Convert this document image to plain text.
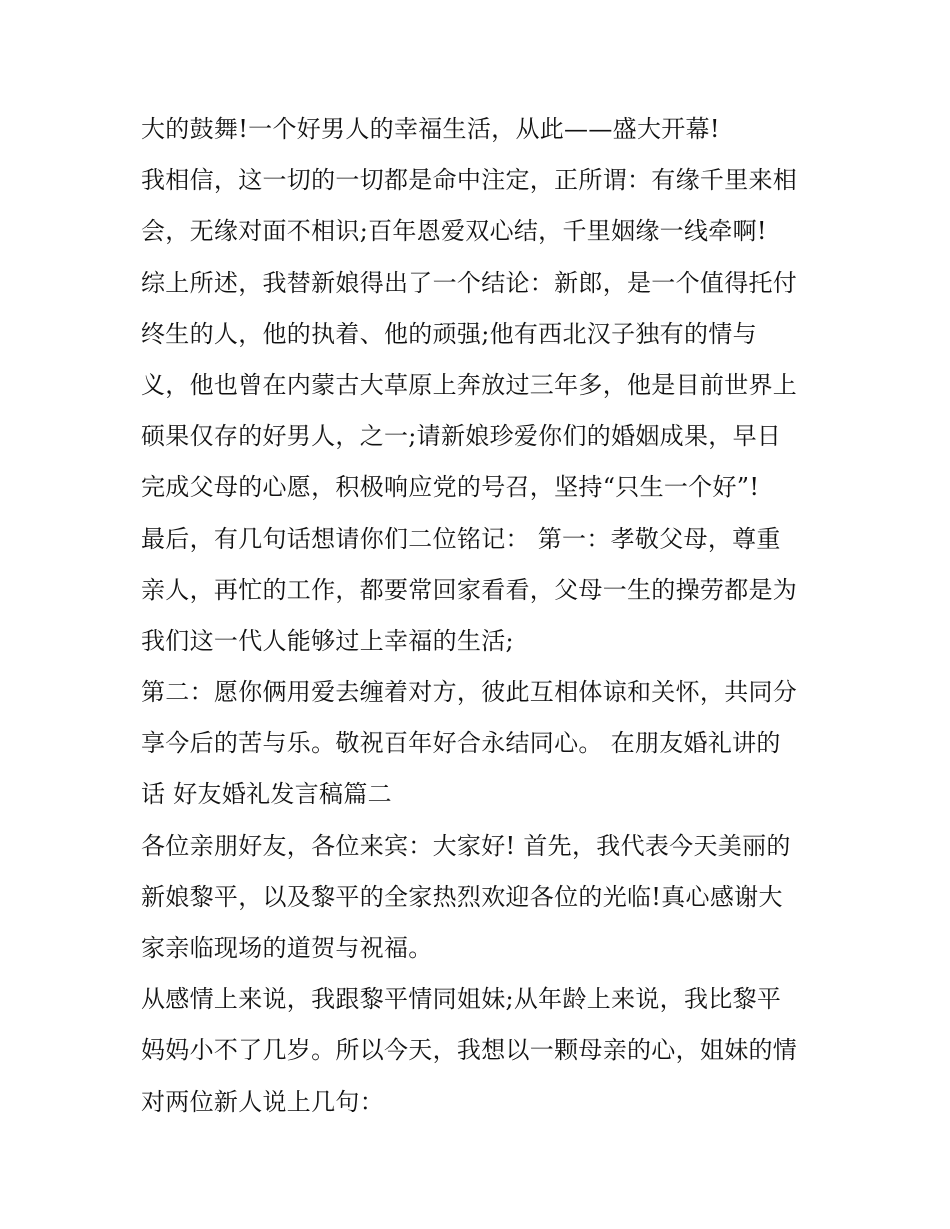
大的鼓舞!一个好男人的幸福生活，从此——盛大开幕!
我相信，这一切的一切都是命中注定，正所谓：有缘千里来相
会，无缘对面不相识;百年恩爱双心结，千里姻缘一线牵啊!
综上所述，我替新娘得出了一个结论：新郎，是一个值得托付
终生的人，他的执着、他的顽强;他有西北汉子独有的情与
义，他也曾在内蒙古大草原上奔放过三年多，他是目前世界上
硕果仅存的好男人，之一;请新娘珍爱你们的婚姻成果，早日
完成父母的心愿，积极响应党的号召，坚持“只生一个好”!
最后，有几句话想请你们二位铭记： 第一：孝敬父母，尊重
亲人，再忙的工作，都要常回家看看，父母一生的操劳都是为
我们这一代人能够过上幸福的生活;
第二：愿你俩用爱去缠着对方，彼此互相体谅和关怀，共同分
享今后的苦与乐。敬祝百年好合永结同心。 在朋友婚礼讲的
话 好友婚礼发言稿篇二
各位亲朋好友，各位来宾：大家好! 首先，我代表今天美丽的
新娘黎平，以及黎平的全家热烈欢迎各位的光临!真心感谢大
家亲临现场的道贺与祝福。
从感情上来说，我跟黎平情同姐妹;从年龄上来说，我比黎平
妈妈小不了几岁。所以今天，我想以一颗母亲的心，姐妹的情
对两位新人说上几句：
